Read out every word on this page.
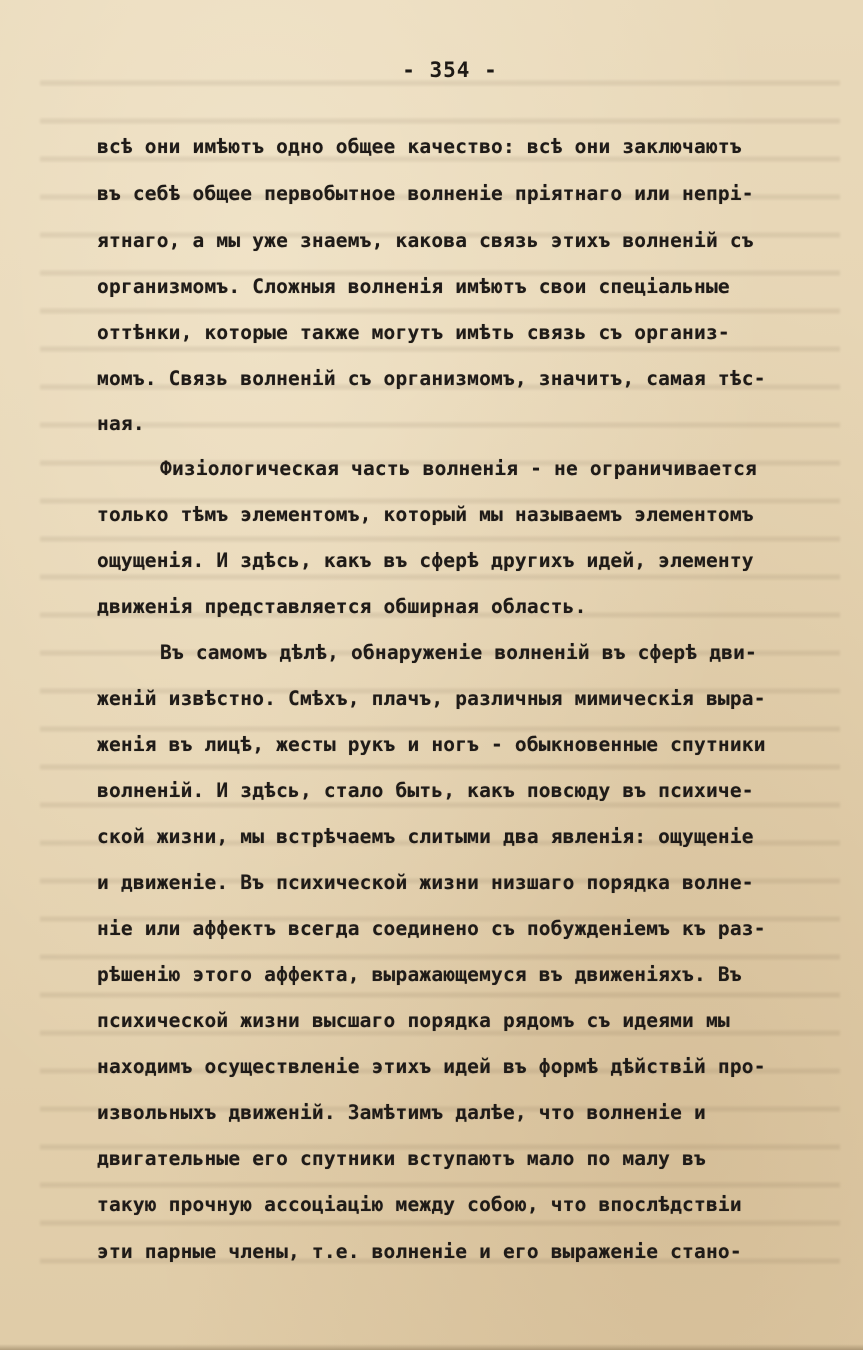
- 354 -
всѣ они имѣютъ одно общее качество: всѣ они заключаютъ
въ себѣ общее первобытное волненіе пріятнаго или непрі-
ятнаго, а мы уже знаемъ, какова связь этихъ волненій съ
организмомъ. Сложныя волненія имѣютъ свои спеціальные
оттѣнки, которые также могутъ имѣть связь съ организ-
момъ. Связь волненій съ организмомъ, значитъ, самая тѣс-
ная.
Физіологическая часть волненія - не ограничивается
только тѣмъ элементомъ, который мы называемъ элементомъ
ощущенія. И здѣсь, какъ въ сферѣ другихъ идей, элементу
движенія представляется обширная область.
Въ самомъ дѣлѣ, обнаруженіе волненій въ сферѣ дви-
женій извѣстно. Смѣхъ, плачъ, различныя мимическія выра-
женія въ лицѣ, жесты рукъ и ногъ - обыкновенные спутники
волненій. И здѣсь, стало быть, какъ повсюду въ психиче-
ской жизни, мы встрѣчаемъ слитыми два явленія: ощущеніе
и движеніе. Въ психической жизни низшаго порядка волне-
ніе или аффектъ всегда соединено съ побужденіемъ къ раз-
рѣшенію этого аффекта, выражающемуся въ движеніяхъ. Въ
психической жизни высшаго порядка рядомъ съ идеями мы
находимъ осуществленіе этихъ идей въ формѣ дѣйствій про-
извольныхъ движеній. Замѣтимъ далѣе, что волненіе и
двигательные его спутники вступаютъ мало по малу въ
такую прочную ассоціацію между собою, что впослѣдствіи
эти парные члены, т.е. волненіе и его выраженіе стано-
